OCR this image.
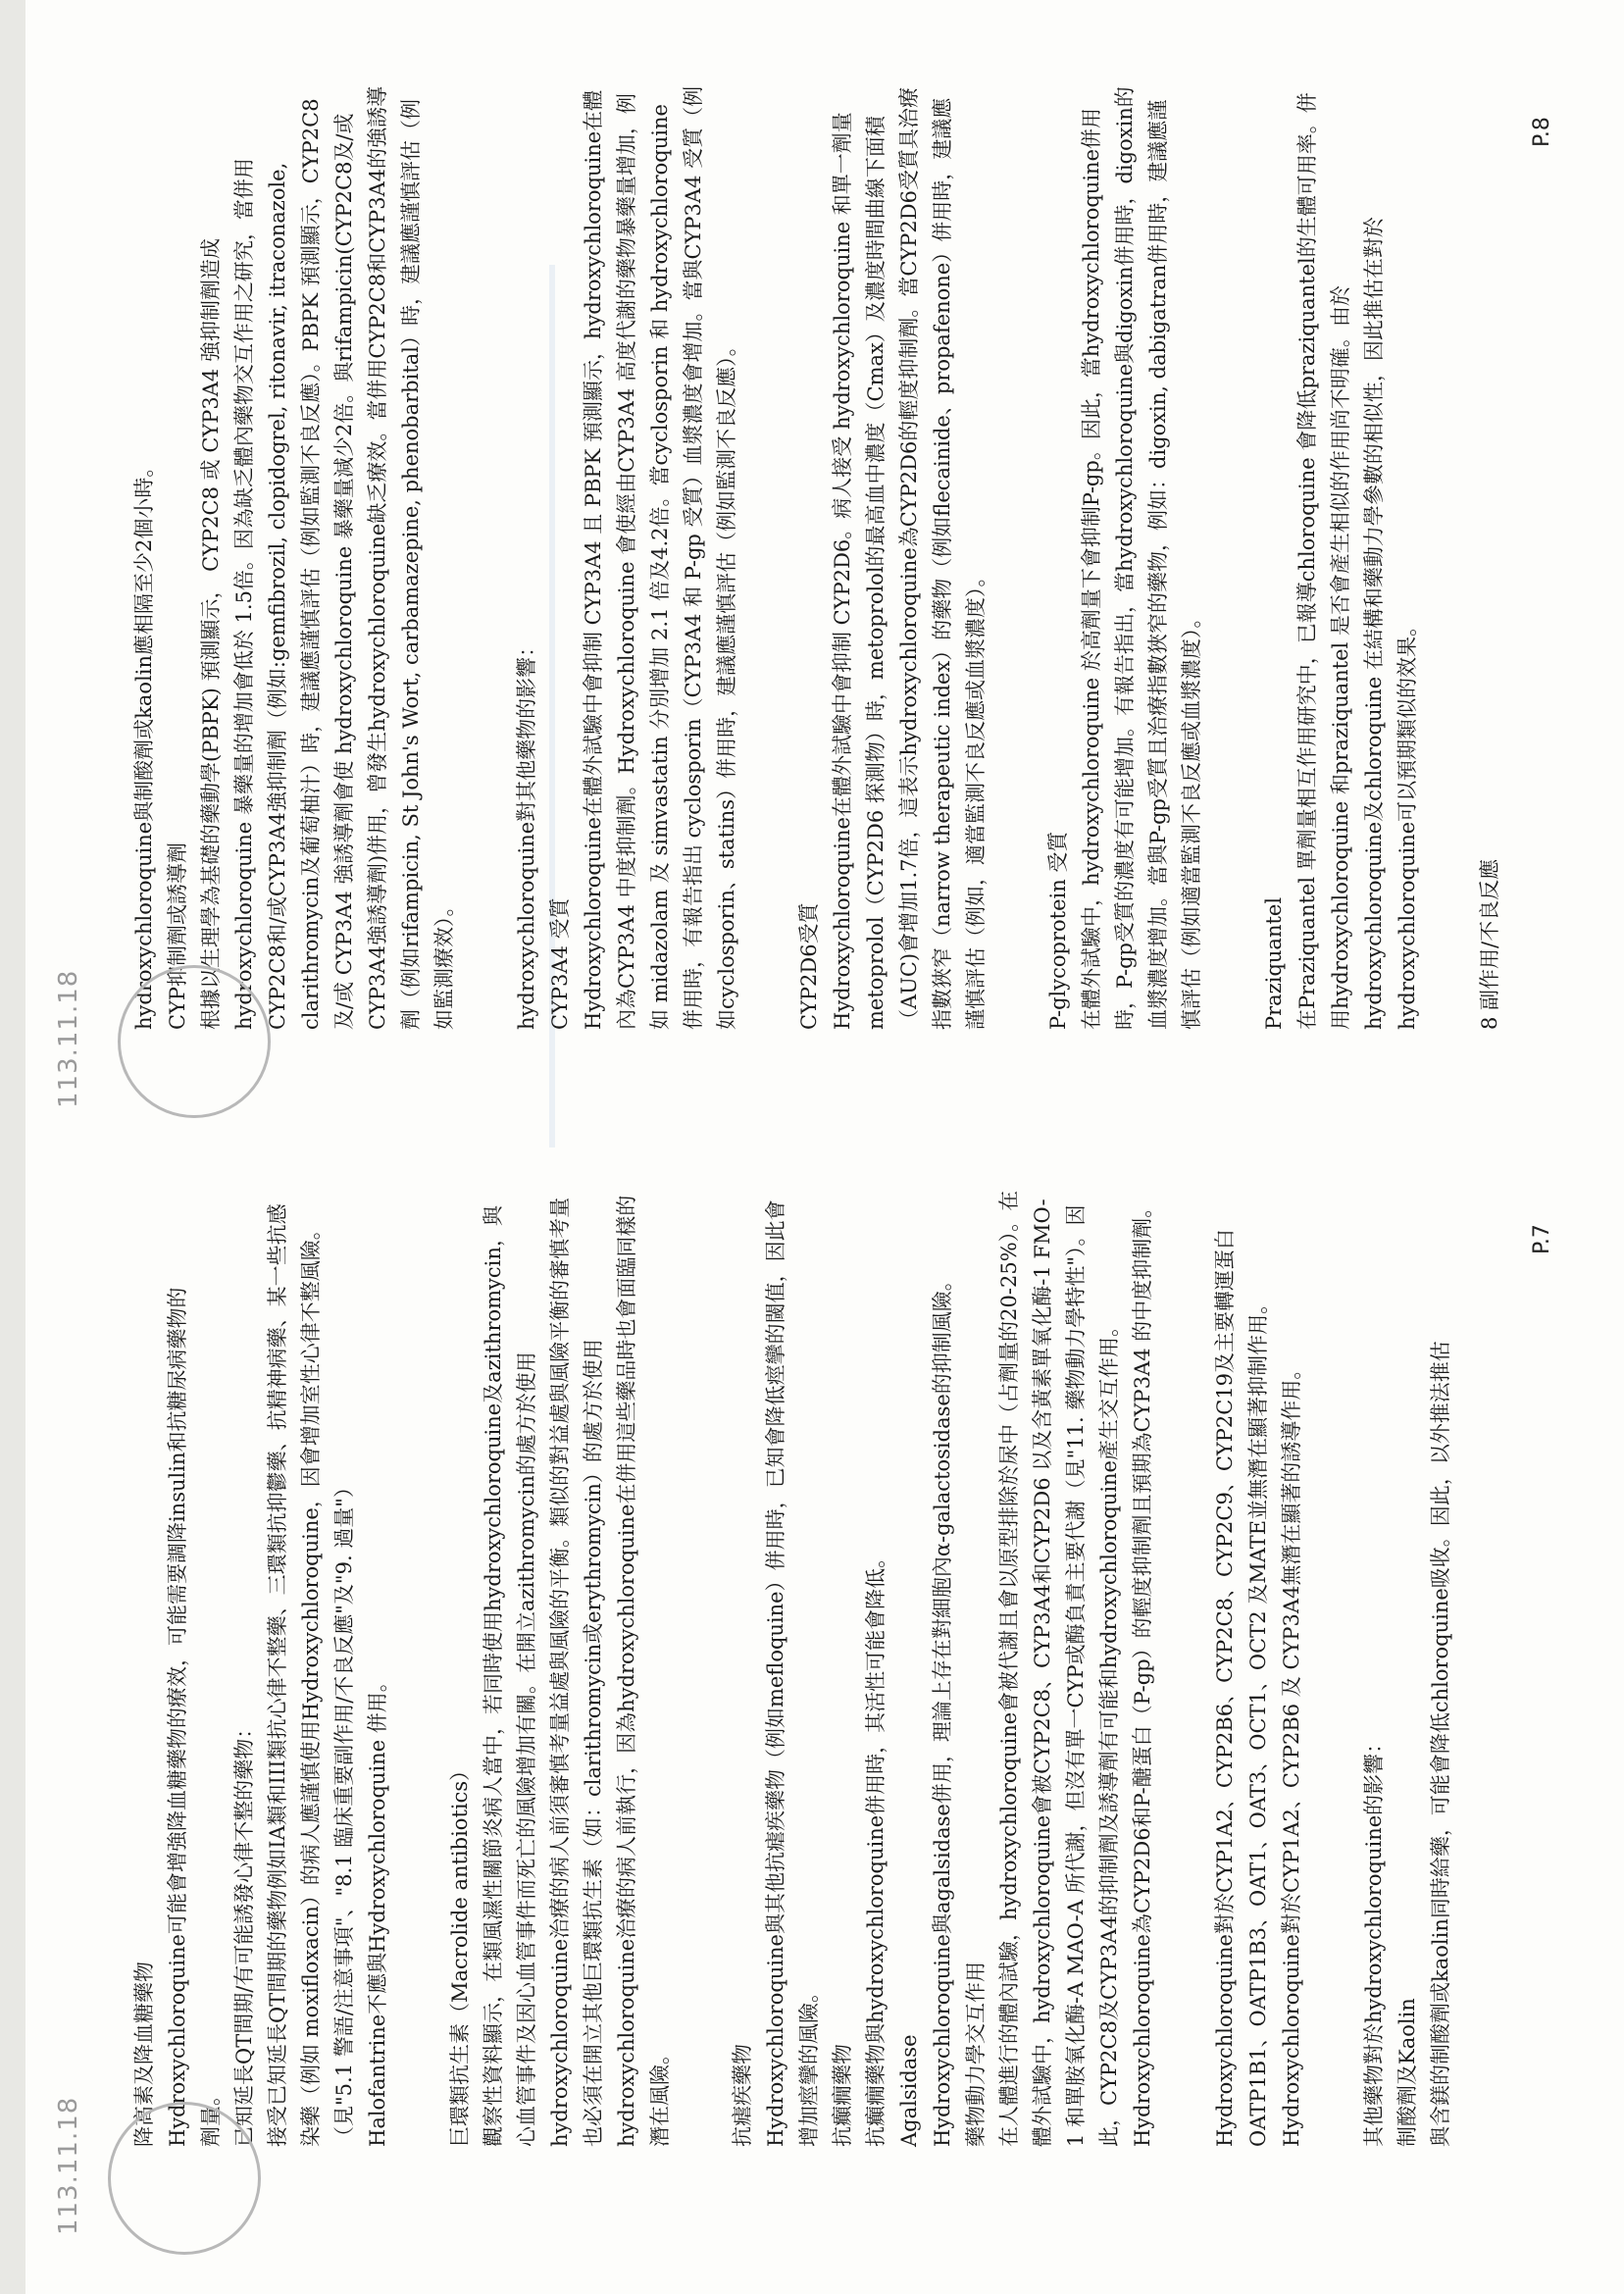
113.11.18

降高素及降血糖藥物 Hydroxychloroquine可能會增強降血糖藥物的療效，可能需要調降insulin和抗糖尿病藥物的 劑量。 已知延長QT間期/有可能誘發心律不整的藥物： 接受已知延長QT間期的藥物例如IA類和III類抗心律不整藥、三環類抗抑鬱藥、抗精神病藥、某一些抗感染藥（例如 moxifloxacin）的病人應謹慎使用Hydroxychloroquine，因會增加室性心律不整風險。（見"5.1 警語/注意事項"、"8.1 臨床重要副作用/不良反應"及"9. 過量"） Halofantrine不應與Hydroxychloroquine 併用。	巨環類抗生素（Macrolide antibiotics） 觀察性資料顯示，在類風濕性關節炎病人當中，若同時使用hydroxychloroquine及azithromycin，與心血管事件及因心血管事件而死亡的風險增加有關。在開立azithromycin的處方於使用hydroxychloroquine治療的病人前須審慎考量益處與風險的平衡。類似的對益處與風險平衡的審慎考量也必須在開立其他巨環類抗生素（如：clarithromycin或erythromycin）的處方於使用hydroxychloroquine治療的病人前執行，因為hydroxychloroquine在併用這些藥品時也會面臨同樣的潛在風險。	抗瘧疾藥物 Hydroxychloroquine與其他抗瘧疾藥物（例如mefloquine）併用時，已知會降低痙攣的閾值，因此會增加痙攣的風險。 抗癲癇藥物 抗癲癇藥物與hydroxychloroquine併用時，其活性可能會降低。 Agalsidase Hydroxychloroquine與agalsidase併用，理論上存在對細胞內α-galactosidase的抑制風險。 藥物動力學交互作用 在人體進行的體內試驗，hydroxychloroquine會被代謝且會以原型排除於尿中（占劑量的20-25%）。在體外試驗中，hydroxychloroquine會被CYP2C8、CYP3A4和CYP2D6 以及含黃素單氧化酶-1 FMO-1 和單胺氧化酶-A MAO-A 所代謝，但沒有單一CYP或酶負責主要代謝（見"11. 藥物動力學特性"）。因此，CYP2C8及CYP3A4的抑制劑及誘導劑有可能和hydroxychloroquine產生交互作用。Hydroxychloroquine為CYP2D6和P-醣蛋白（P-gp）的輕度抑制劑且預期為CYP3A4 的中度抑制劑。	Hydroxychloroquine對於CYP1A2、CYP2B6、CYP2C8、CYP2C9、CYP2C19及主要轉運蛋白OATP1B1、OATP1B3、OAT1、OAT3、OCT1、OCT2 及MATE並無潛在顯著抑制作用。Hydroxychloroquine對於CYP1A2、CYP2B6 及 CYP3A4無潛在顯著的誘導作用。	其他藥物對於hydroxychloroquine的影響： 制酸劑及Kaolin 與含鎂的制酸劑或kaolin同時給藥，可能會降低chloroquine吸收。因此，以外推法推估

P.7
113.11.18

hydroxychloroquine與制酸劑或kaolin應相隔至少2個小時。 CYP抑制劑或誘導劑 根據以生理學為基礎的藥動學(PBPK) 預測顯示， CYP2C8 或 CYP3A4 強抑制劑造成hydroxychloroquine 暴藥量的增加會低於 1.5倍。因為缺乏體內藥物交互作用之研究，當併用CYP2C8和/或CYP3A4強抑制劑（例如:gemfibrozil, clopidogrel, ritonavir, itraconazole, clarithromycin及葡萄柚汁）時，建議應謹慎評估（例如監測不良反應）。PBPK 預測顯示，CYP2C8 及/或 CYP3A4 強誘導劑會使 hydroxychloroquine 暴藥量減少2倍。與rifampicin(CYP2C8及/或CYP3A4強誘導劑)併用，曾發生hydroxychloroquine缺乏療效。當併用CYP2C8和CYP3A4的強誘導劑（例如rifampicin, St John's Wort, carbamazepine, phenobarbital）時，建議應謹慎評估（例如監測療效）。	hydroxychloroquine對其他藥物的影響： CYP3A4 受質 Hydroxychloroquine在體外試驗中會抑制 CYP3A4 且 PBPK 預測顯示，hydroxychloroquine在體內為CYP3A4 中度抑制劑。Hydroxychloroquine 會使經由CYP3A4 高度代謝的藥物暴藥量增加，例如 midazolam 及 simvastatin 分別增加 2.1 倍及4.2倍。當cyclosporin 和 hydroxychloroquine 併用時，有報告指出 cyclosporin（CYP3A4 和 P-gp 受質）血漿濃度會增加。當與CYP3A4 受質（例如cyclosporin、statins）併用時，建議應謹慎評估（例如監測不良反應）。	CYP2D6受質 Hydroxychloroquine在體外試驗中會抑制 CYP2D6。病人接受 hydroxychloroquine 和單一劑量 metoprolol（CYP2D6 探測物）時，metoprolol的最高血中濃度（Cmax）及濃度時間曲線下面積（AUC)會增加1.7倍，這表示hydroxychloroquine為CYP2D6的輕度抑制劑。當CYP2D6受質具治療指數狹窄（narrow therapeutic index）的藥物（例如flecainide、propafenone）併用時，建議應謹慎評估（例如，適當監測不良反應或血漿濃度）。	P-glycoprotein 受質 在體外試驗中，hydroxychloroquine 於高劑量下會抑制P-gp。因此，當hydroxychloroquine併用時，P-gp受質的濃度有可能增加。有報告指出，當hydroxychloroquine與digoxin併用時，digoxin的血漿濃度增加。當與P-gp受質且治療指數狹窄的藥物，例如：digoxin, dabigatran併用時，建議應謹慎評估（例如適當監測不良反應或血漿濃度）。	Praziquantel 在Praziquantel 單劑量相互作用研究中，已報導chloroquine 會降低praziquantel的生體可用率。併用hydroxychloroquine 和praziquantel 是否會產生相似的作用尚不明確。由於hydroxychloroquine及chloroquine 在結構和藥動力學參數的相似性，因此推估在對於hydroxychloroquine可以預期類似的效果。	8 副作用/不良反應

P.8
